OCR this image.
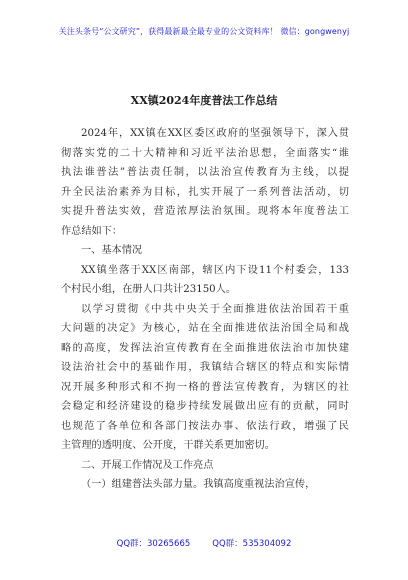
关注头条号“公文研究”，获得最新最全最专业的公文资料库！ 微信：gongwenyj
XX镇2024年度普法工作总结
2024年，XX镇在XX区委区政府的坚强领导下，深入贯
彻落实党的二十大精神和习近平法治思想，全面落实“谁
执法谁普法”普法责任制，以法治宣传教育为主线，以提
升全民法治素养为目标，扎实开展了一系列普法活动，切
实提升普法实效，营造浓厚法治氛围。现将本年度普法工
作总结如下：
一、基本情况
XX镇坐落于XX区南部，辖区内下设11个村委会，133
个村民小组，在册人口共计23150人。
以学习贯彻《中共中央关于全面推进依法治国若干重
大问题的决定》为核心，站在全面推进依法治国全局和战
略的高度，发挥法治宣传教育在全面推进依法治市加快建
设法治社会中的基础作用，我镇结合辖区的特点和实际情
况开展多种形式和不拘一格的普法宣传教育，为辖区的社
会稳定和经济建设的稳步持续发展做出应有的贡献，同时
也规范了各单位和各部门按法办事、依法行政，增强了民
主管理的透明度、公开度，干群关系更加密切。
二、开展工作情况及工作亮点
（一）组建普法头部力量。我镇高度重视法治宣传，
QQ群：30265665	QQ群：535304092
